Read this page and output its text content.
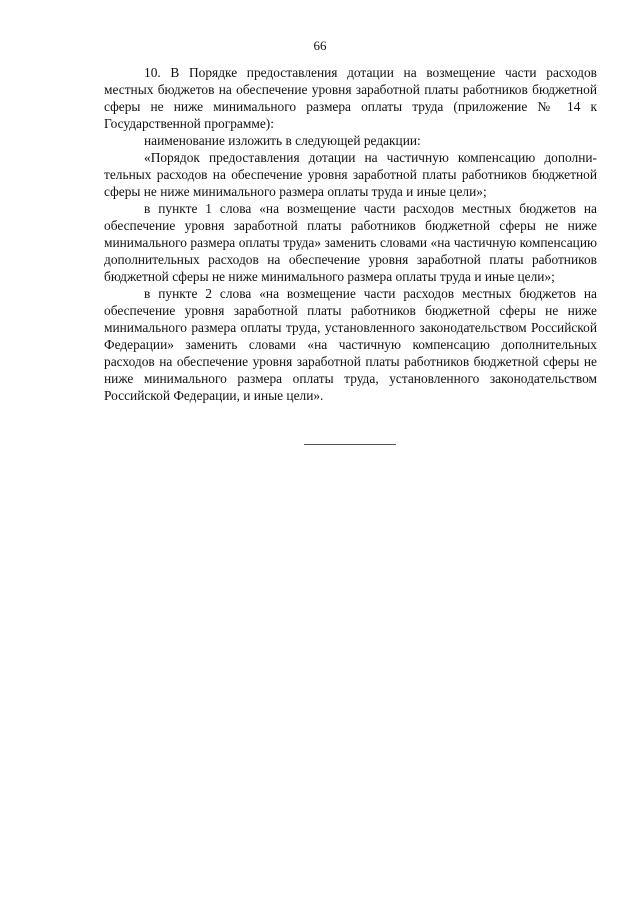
66

10. В Порядке предоставления дотации на возмещение части расходов местных бюджетов на обеспечение уровня заработной платы работников бюджетной сферы не ниже минимального размера оплаты труда (приложение № 14 к Государственной программе):

наименование изложить в следующей редакции:

«Порядок предоставления дотации на частичную компенсацию дополнительных расходов на обеспечение уровня заработной платы работников бюджетной сферы не ниже минимального размера оплаты труда и иные цели»;

в пункте 1 слова «на возмещение части расходов местных бюджетов на обеспечение уровня заработной платы работников бюджетной сферы не ниже минимального размера оплаты труда» заменить словами «на частичную компенсацию дополнительных расходов на обеспечение уровня заработной платы работников бюджетной сферы не ниже минимального размера оплаты труда и иные цели»;

в пункте 2 слова «на возмещение части расходов местных бюджетов на обеспечение уровня заработной платы работников бюджетной сферы не ниже минимального размера оплаты труда, установленного законодательством Российской Федерации» заменить словами «на частичную компенсацию дополнительных расходов на обеспечение уровня заработной платы работников бюджетной сферы не ниже минимального размера оплаты труда, установленного законодательством Российской Федерации, и иные цели».
